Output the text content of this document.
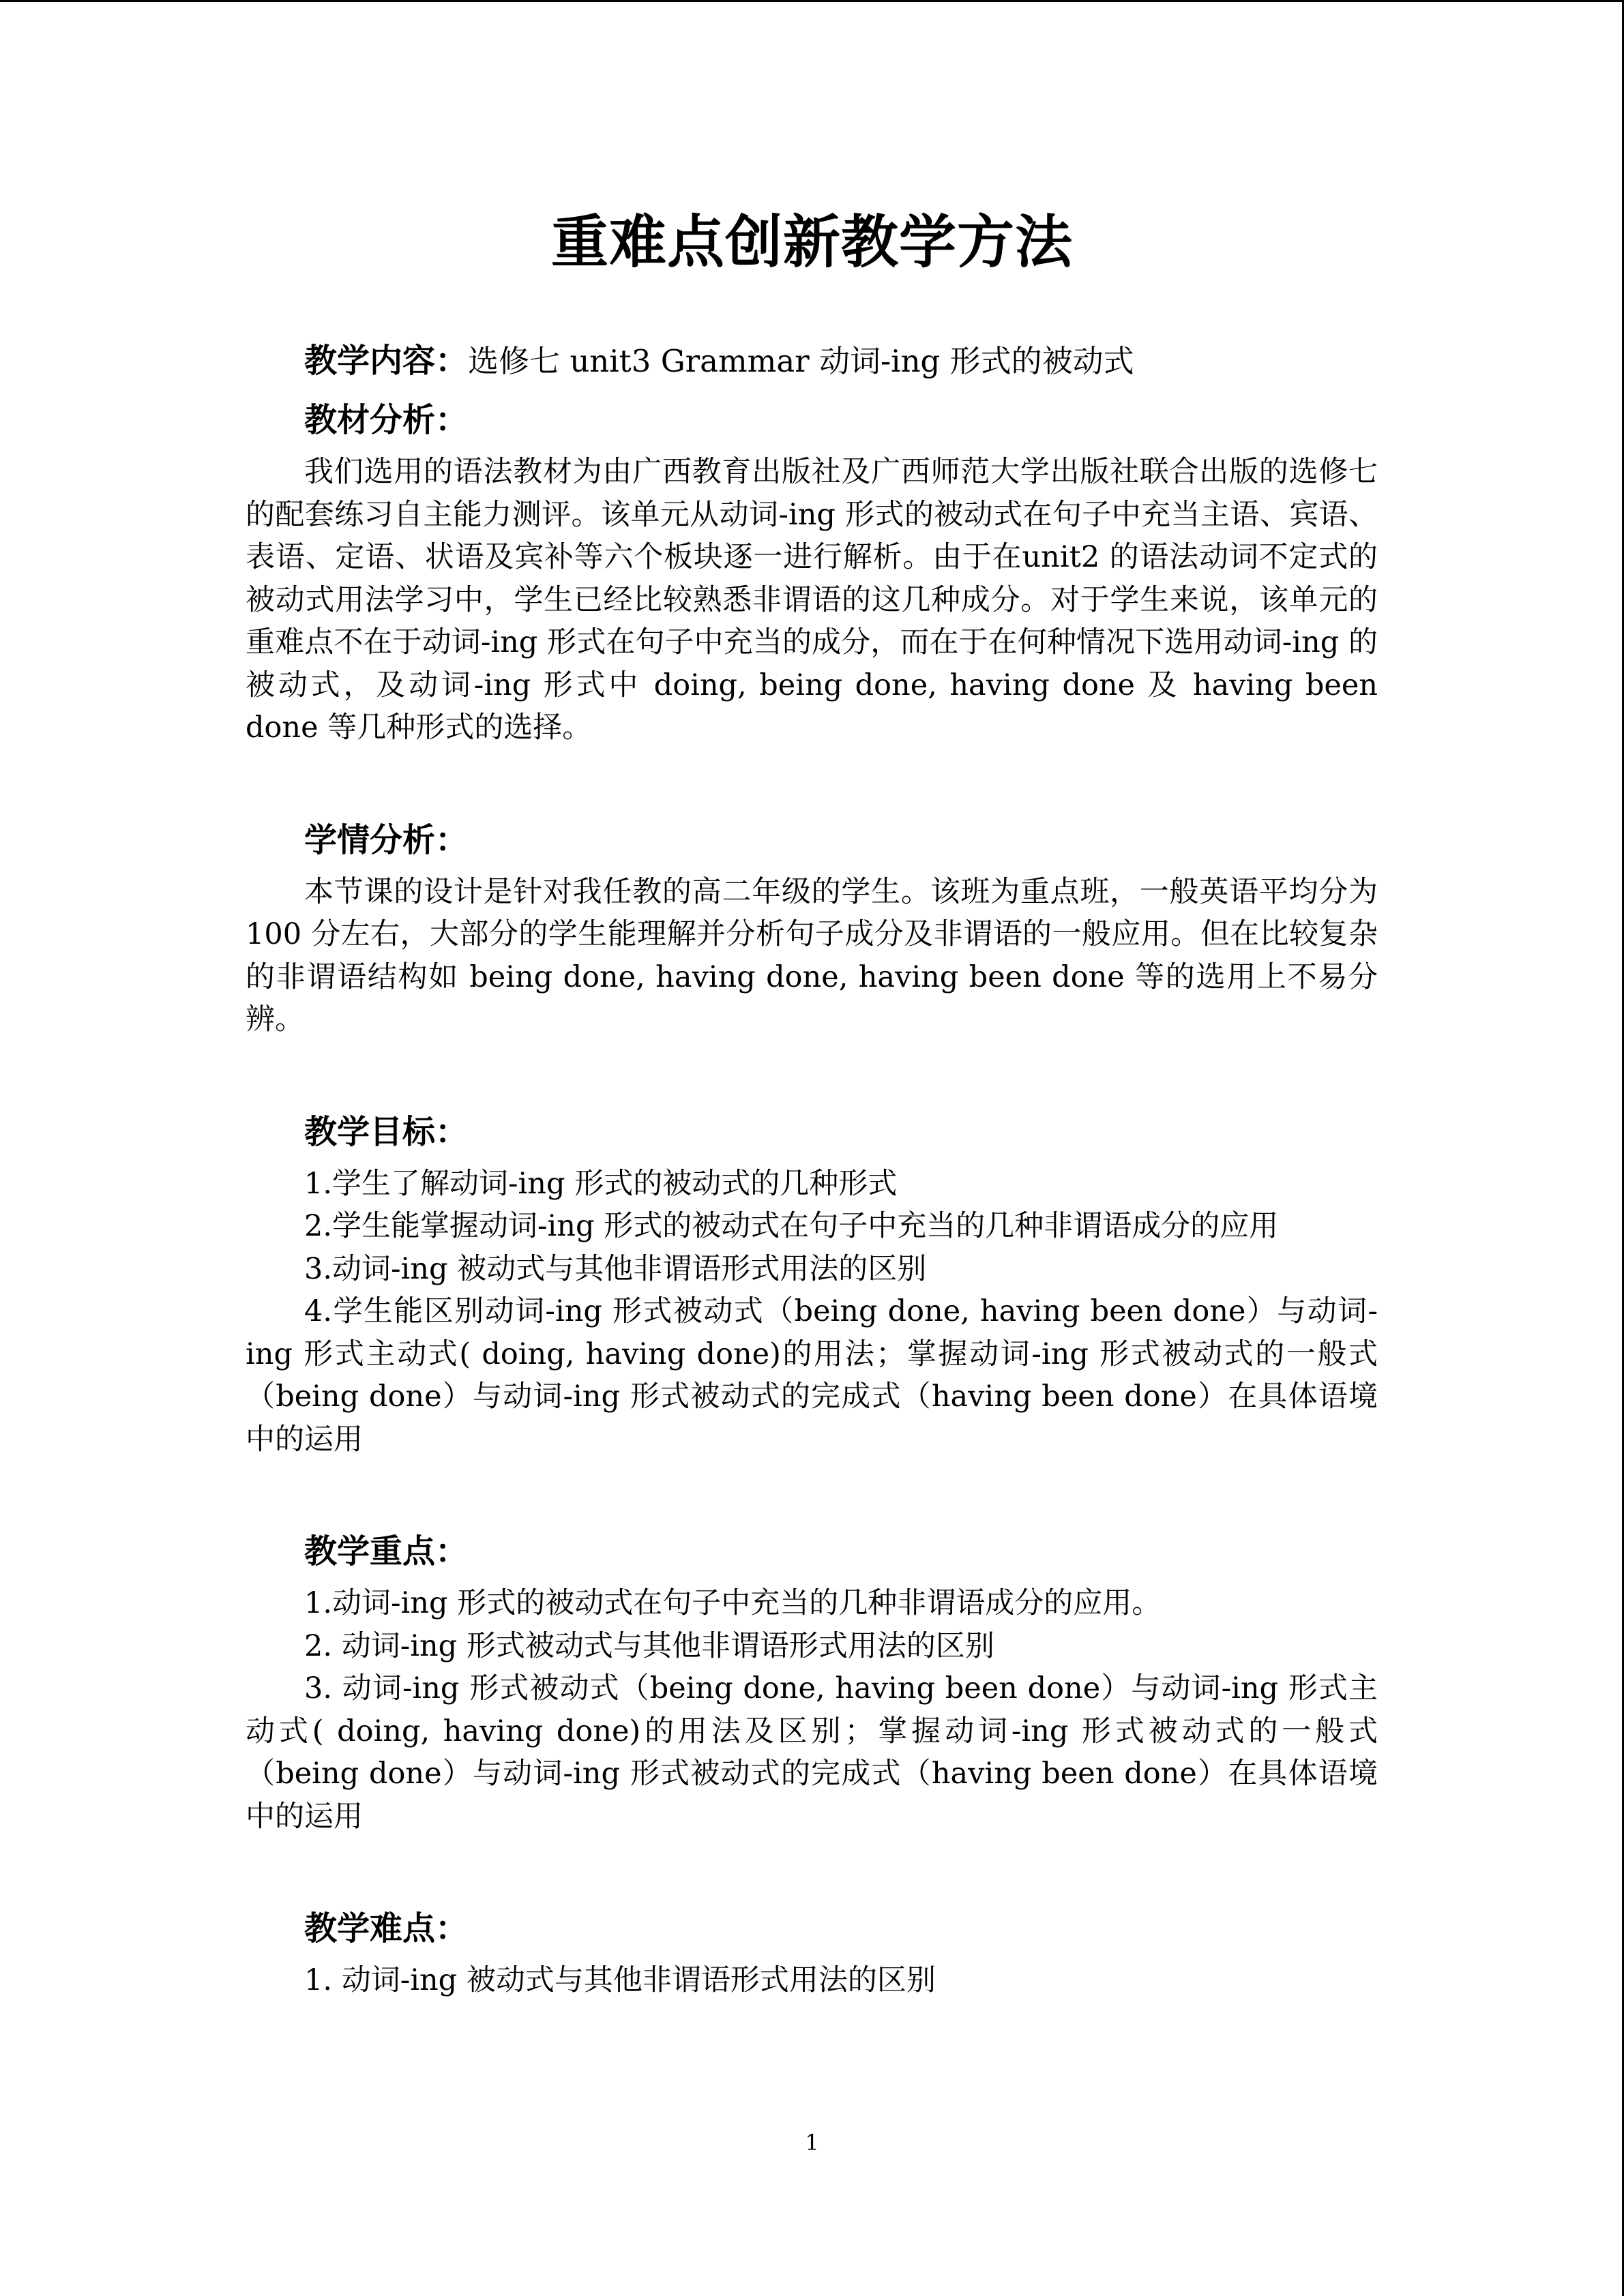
重难点创新教学方法

教学内容：选修七 unit3 Grammar 动词-ing 形式的被动式

教材分析：

我们选用的语法教材为由广西教育出版社及广西师范大学出版社联合出版的选修七的配套练习自主能力测评。该单元从动词-ing 形式的被动式在句子中充当主语、宾语、表语、定语、状语及宾补等六个板块逐一进行解析。由于在unit2 的语法动词不定式的被动式用法学习中，学生已经比较熟悉非谓语的这几种成分。对于学生来说，该单元的重难点不在于动词-ing 形式在句子中充当的成分，而在于在何种情况下选用动词-ing 的被动式，及动词-ing 形式中 doing, being done, having done 及 having been done 等几种形式的选择。

学情分析：

本节课的设计是针对我任教的高二年级的学生。该班为重点班，一般英语平均分为 100 分左右，大部分的学生能理解并分析句子成分及非谓语的一般应用。但在比较复杂的非谓语结构如 being done, having done, having been done 等的选用上不易分辨。

教学目标：

1.学生了解动词-ing 形式的被动式的几种形式

2.学生能掌握动词-ing 形式的被动式在句子中充当的几种非谓语成分的应用

3.动词-ing 被动式与其他非谓语形式用法的区别

4.学生能区别动词-ing 形式被动式（being done, having been done）与动词-ing 形式主动式( doing, having done)的用法；掌握动词-ing 形式被动式的一般式（being done）与动词-ing 形式被动式的完成式（having been done）在具体语境中的运用

教学重点：

1.动词-ing 形式的被动式在句子中充当的几种非谓语成分的应用。

2. 动词-ing 形式被动式与其他非谓语形式用法的区别

3. 动词-ing 形式被动式（being done, having been done）与动词-ing 形式主动式( doing, having done)的用法及区别；掌握动词-ing 形式被动式的一般式（being done）与动词-ing 形式被动式的完成式（having been done）在具体语境中的运用

教学难点：

1. 动词-ing 被动式与其他非谓语形式用法的区别

1
